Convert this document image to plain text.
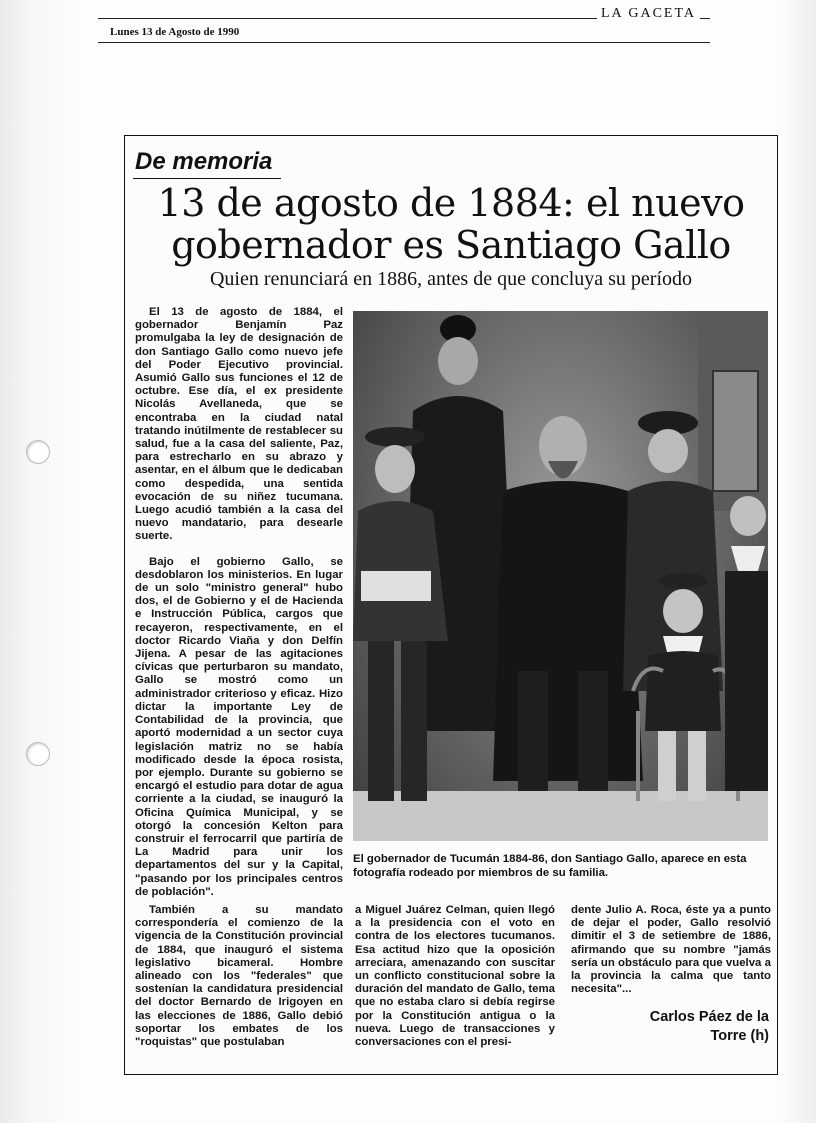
Lunes 13 de Agosto de 1990
LA GACETA
De memoria
13 de agosto de 1884: el nuevo
gobernador es Santiago Gallo
Quien renunciará en 1886, antes de que concluya su período

El 13 de agosto de 1884, el gobernador Benjamín Paz promulgaba la ley de designación de don Santiago Gallo como nuevo jefe del Poder Ejecutivo provincial. Asumió Gallo sus funciones el 12 de octubre. Ese día, el ex presidente Nicolás Avellaneda, que se encontraba en la ciudad natal tratando inútilmente de restablecer su salud, fue a la casa del saliente, Paz, para estrecharlo en su abrazo y asentar, en el álbum que le dedicaban como despedida, una sentida evocación de su niñez tucumana. Luego acudió también a la casa del nuevo mandatario, para desearle suerte.

Bajo el gobierno Gallo, se desdoblaron los ministerios. En lugar de un solo "ministro general" hubo dos, el de Gobierno y el de Hacienda e Instrucción Pública, cargos que recayeron, respectivamente, en el doctor Ricardo Viaña y don Delfín Jijena. A pesar de las agitaciones cívicas que perturbaron su mandato, Gallo se mostró como un administrador criterioso y eficaz. Hizo dictar la importante Ley de Contabilidad de la provincia, que aportó modernidad a un sector cuya legislación matriz no se había modificado desde la época rosista, por ejemplo. Durante su gobierno se encargó el estudio para dotar de agua corriente a la ciudad, se inauguró la Oficina Química Municipal, y se otorgó la concesión Kelton para construir el ferrocarril que partiría de La Madrid para unir los departamentos del sur y la Capital, "pasando por los principales centros de población".

El gobernador de Tucumán 1884-86, don Santiago Gallo, aparece en esta fotografía rodeado por miembros de su familia.

También a su mandato correspondería el comienzo de la vigencia de la Constitución provincial de 1884, que inauguró el sistema legislativo bicameral. Hombre alineado con los "federales" que sostenían la candidatura presidencial del doctor Bernardo de Irigoyen en las elecciones de 1886, Gallo debió soportar los embates de los "roquistas" que postulaban

a Miguel Juárez Celman, quien llegó a la presidencia con el voto en contra de los electores tucumanos. Esa actitud hizo que la oposición arreciara, amenazando con suscitar un conflicto constitucional sobre la duración del mandato de Gallo, tema que no estaba claro si debía regirse por la Constitución antigua o la nueva. Luego de transacciones y conversaciones con el presi-

dente Julio A. Roca, éste ya a punto de dejar el poder, Gallo resolvió dimitir el 3 de setiembre de 1886, afirmando que su nombre "jamás sería un obstáculo para que vuelva a la provincia la calma que tanto necesita"...

Carlos Páez de la
Torre (h)
